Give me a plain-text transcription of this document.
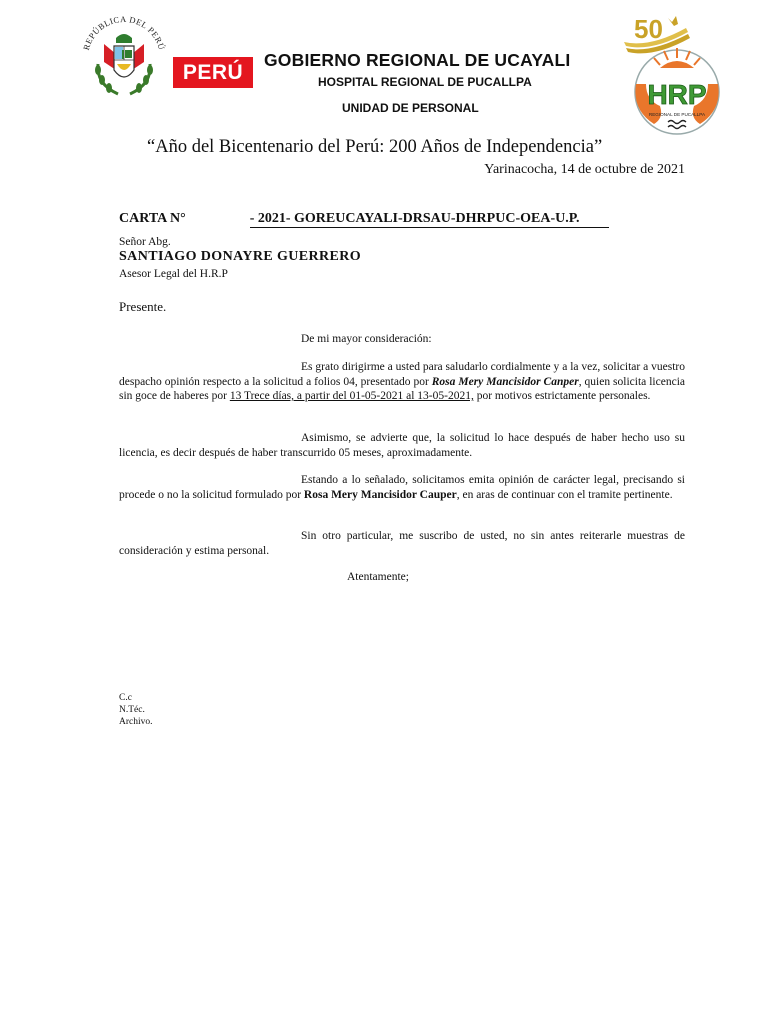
REPÚBLICA DEL PERÚ
PERÚ
GOBIERNO REGIONAL DE UCAYALI
HOSPITAL REGIONAL DE PUCALLPA
UNIDAD DE PERSONAL
50
HRP
REGIONAL DE PUCALLPA
“Año del Bicentenario del Perú: 200 Años de Independencia”
Yarinacocha, 14 de octubre de 2021
CARTA N°	- 2021- GOREUCAYALI-DRSAU-DHRPUC-OEA-U.P.
Señor Abg.
SANTIAGO DONAYRE GUERRERO
Asesor Legal del H.R.P
Presente.
De mi mayor consideración:

Es grato dirigirme a usted para saludarlo cordialmente y a la vez, solicitar a vuestro despacho opinión respecto a la solicitud a folios 04, presentado por Rosa Mery Mancisidor Canper, quien solicita licencia sin goce de haberes por 13 Trece días, a partir del 01-05-2021 al 13-05-2021, por motivos estrictamente personales.

Asimismo, se advierte que, la solicitud lo hace después de haber hecho uso su licencia, es decir después de haber transcurrido 05 meses, aproximadamente.

Estando a lo señalado, solicitamos emita opinión de carácter legal, precisando si procede o no la solicitud formulado por Rosa Mery Mancisidor Cauper, en aras de continuar con el tramite pertinente.

Sin otro particular, me suscribo de usted, no sin antes reiterarle muestras de consideración y estima personal.

Atentamente;
C.c
N.Téc.
Archivo.
